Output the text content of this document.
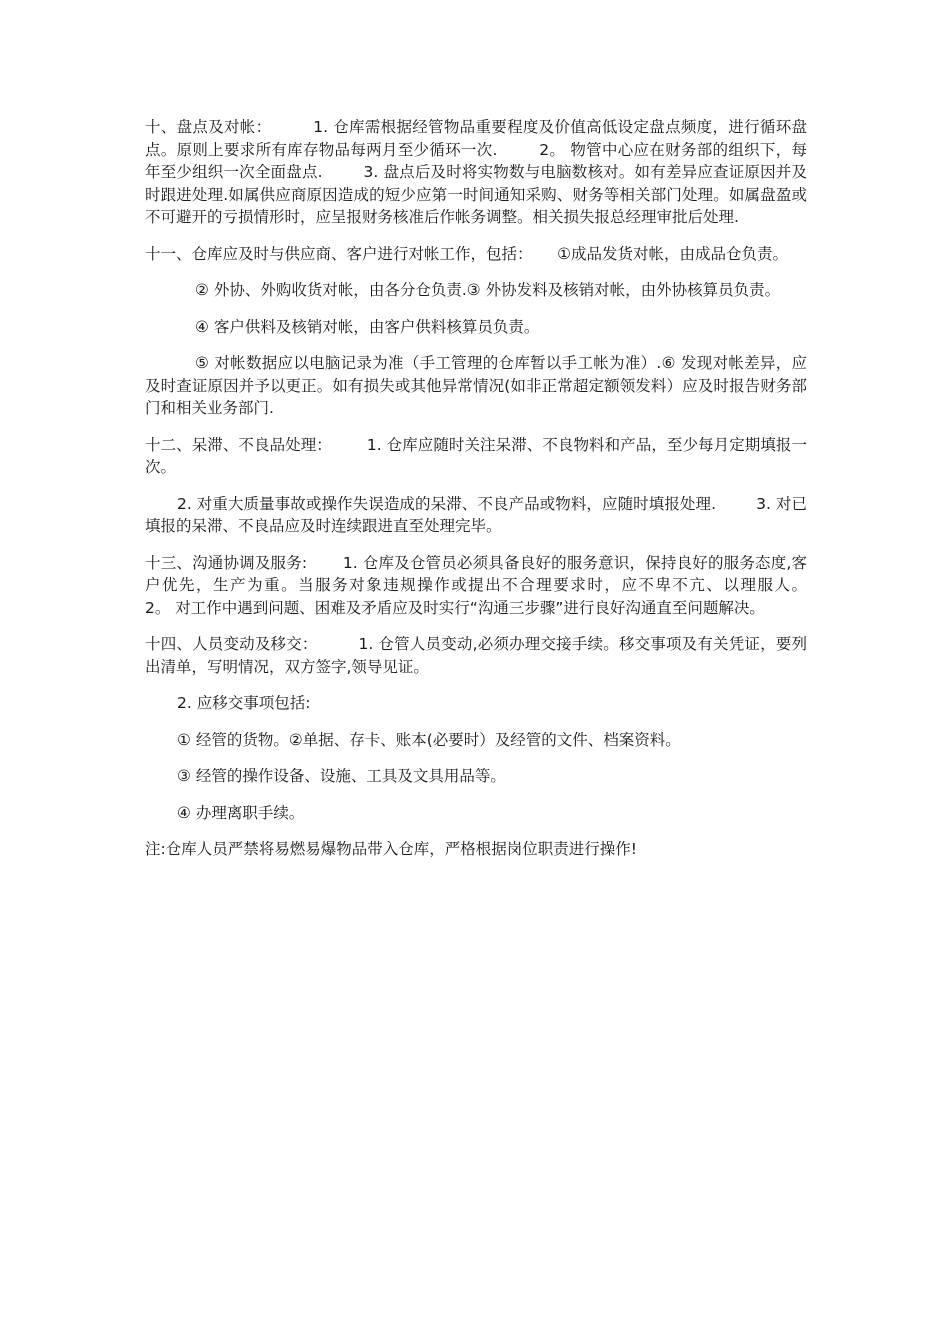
十、盘点及对帐：        1. 仓库需根据经管物品重要程度及价值高低设定盘点频度，进行循环盘点。原则上要求所有库存物品每两月至少循环一次.        2。 物管中心应在财务部的组织下，每年至少组织一次全面盘点.        3. 盘点后及时将实物数与电脑数核对。如有差异应查证原因并及时跟进处理.如属供应商原因造成的短少应第一时间通知采购、财务等相关部门处理。如属盘盈或不可避开的亏损情形时，应呈报财务核准后作帐务调整。相关损失报总经理审批后处理.

十一、仓库应及时与供应商、客户进行对帐工作，包括：     ①成品发货对帐，由成品仓负责。

② 外协、外购收货对帐，由各分仓负责.③ 外协发料及核销对帐，由外协核算员负责。

④ 客户供料及核销对帐，由客户供料核算员负责。

⑤ 对帐数据应以电脑记录为准（手工管理的仓库暂以手工帐为准）.⑥ 发现对帐差异，应及时查证原因并予以更正。如有损失或其他异常情况(如非正常超定额领发料）应及时报告财务部门和相关业务部门.

十二、呆滞、不良品处理：       1. 仓库应随时关注呆滞、不良物料和产品，至少每月定期填报一次。

2. 对重大质量事故或操作失误造成的呆滞、不良产品或物料，应随时填报处理.        3. 对已填报的呆滞、不良品应及时连续跟进直至处理完毕。

十三、沟通协调及服务:       1. 仓库及仓管员必须具备良好的服务意识，保持良好的服务态度,客户优先，生产为重。当服务对象违规操作或提出不合理要求时，应不卑不亢、以理服人。        2。 对工作中遇到问题、困难及矛盾应及时实行“沟通三步骤”进行良好沟通直至问题解决。

十四、人员变动及移交：        1. 仓管人员变动,必须办理交接手续。移交事项及有关凭证，要列出清单，写明情况，双方签字,领导见证。

2. 应移交事项包括:

① 经管的货物。②单据、存卡、账本(必要时）及经管的文件、档案资料。

③ 经管的操作设备、设施、工具及文具用品等。

④ 办理离职手续。

注:仓库人员严禁将易燃易爆物品带入仓库，严格根据岗位职责进行操作!
